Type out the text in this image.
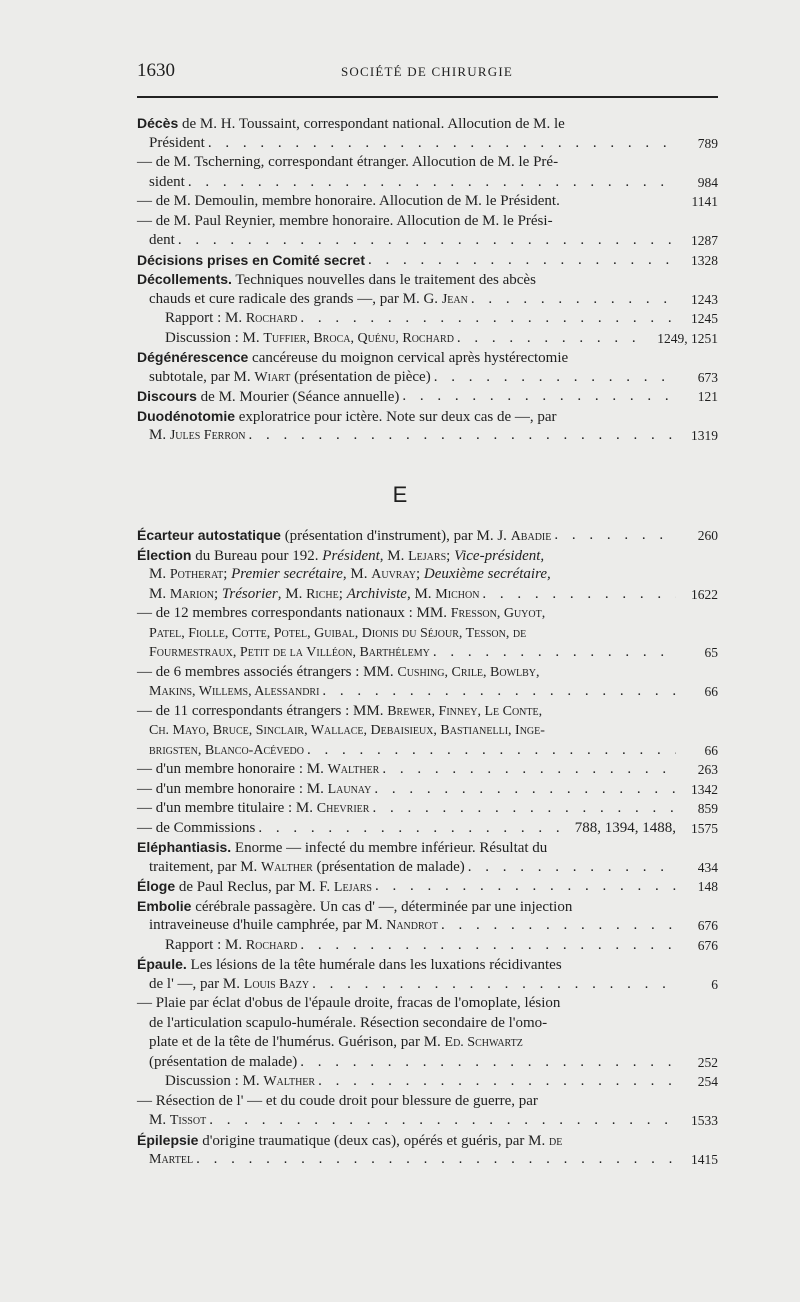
1630	SOCIÉTÉ DE CHIRURGIE
Décès de M. H. Toussaint, correspondant national. Allocution de M. le
Président . . .	789
— de M. Tscherning, correspondant étranger. Allocution de M. le Pré-
sident . . .	984
— de M. Demoulin, membre honoraire. Allocution de M. le Président.	1141
— de M. Paul Reynier, membre honoraire. Allocution de M. le Prési-
dent . . .	1287
Décisions prises en Comité secret . . .	1328
Décollements. Techniques nouvelles dans le traitement des abcès
chauds et cure radicale des grands —, par M. G. Jean . . .	1243
Rapport : M. Rochard . . .	1245
Discussion : M. Tuffier, Broca, Quénu, Rochard . . .	1249, 1251
Dégénérescence cancéreuse du moignon cervical après hystérectomie
subtotale, par M. Wiart (présentation de pièce) . . .	673
Discours de M. Mourier (Séance annuelle) . . .	121
Duodénotomie exploratrice pour ictère. Note sur deux cas de —, par
M. Jules Ferron . . .	1319
E
Écarteur autostatique (présentation d'instrument), par M. J. Abadie . . .	260
Élection du Bureau pour 192. Président, M. Lejars; Vice-président,
M. Potherat; Premier secrétaire, M. Auvray; Deuxième secrétaire,
M. Marion; Trésorier, M. Riche; Archiviste, M. Michon . . .	1622
— de 12 membres correspondants nationaux : MM. Fresson, Guyot,
Patel, Fiolle, Cotte, Potel, Guibal, Dionis du Séjour, Tesson, de
Fourmestraux, Petit de la Villéon, Barthélemy . . .	65
— de 6 membres associés étrangers : MM. Cushing, Crile, Bowlby,
Makins, Willems, Alessandri . . .	66
— de 11 correspondants étrangers : MM. Brewer, Finney, Le Conte,
Ch. Mayo, Bruce, Sinclair, Wallace, Debaisieux, Bastianelli, Inge-
brigsten, Blanco-Acévedo . . .	66
— d'un membre honoraire : M. Walther . . .	263
— d'un membre honoraire : M. Launay . . .	1342
— d'un membre titulaire : M. Chevrier . . .	859
— de Commissions . . .	788, 1394, 1488,	1575
Eléphantiasis. Enorme — infecté du membre inférieur. Résultat du
traitement, par M. Walther (présentation de malade) . . .	434
Éloge de Paul Reclus, par M. F. Lejars . . .	148
Embolie cérébrale passagère. Un cas d' —, déterminée par une injection
intraveineuse d'huile camphrée, par M. Nandrot . . .	676
Rapport : M. Rochard . . .	676
Épaule. Les lésions de la tête humérale dans les luxations récidivantes
de l' —, par M. Louis Bazy . . .	6
— Plaie par éclat d'obus de l'épaule droite, fracas de l'omoplate, lésion
de l'articulation scapulo-humérale. Résection secondaire de l'omo-
plate et de la tête de l'humérus. Guérison, par M. Ed. Schwartz
(présentation de malade) . . .	252
Discussion : M. Walther . . .	254
— Résection de l' — et du coude droit pour blessure de guerre, par
M. Tissot . . .	1533
Épilepsie d'origine traumatique (deux cas), opérés et guéris, par M. de
Martel . . .	1415
